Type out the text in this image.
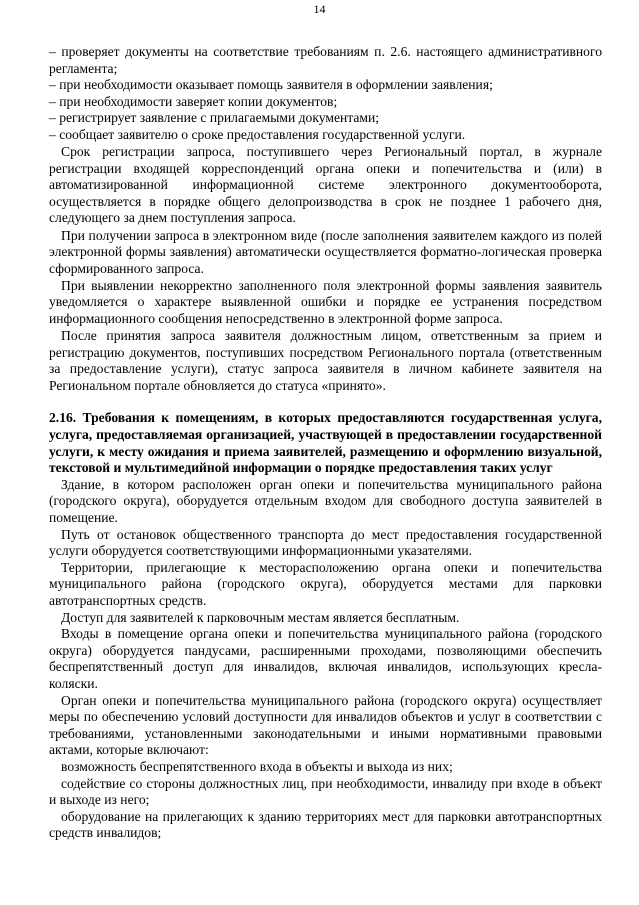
14

– проверяет документы на соответствие требованиям п. 2.6. настоящего административного регламента;

– при необходимости оказывает помощь заявителя в оформлении заявления;

– при необходимости заверяет копии документов;

– регистрирует заявление с прилагаемыми документами;

– сообщает заявителю о сроке предоставления государственной услуги.

Срок регистрации запроса, поступившего через Региональный портал, в журнале регистрации входящей корреспонденций органа опеки и попечительства и (или) в автоматизированной информационной системе электронного документооборота, осуществляется в порядке общего делопроизводства в срок не позднее 1 рабочего дня, следующего за днем поступления запроса.

При получении запроса в электронном виде (после заполнения заявителем каждого из полей электронной формы заявления) автоматически осуществляется форматно-логическая проверка сформированного запроса.

При выявлении некорректно заполненного поля электронной формы заявления заявитель уведомляется о характере выявленной ошибки и порядке ее устранения посредством информационного сообщения непосредственно в электронной форме запроса.

После принятия запроса заявителя должностным лицом, ответственным за прием и регистрацию документов, поступивших посредством Регионального портала (ответственным за предоставление услуги), статус запроса заявителя в личном кабинете заявителя на Региональном портале обновляется до статуса «принято».

2.16. Требования к помещениям, в которых предоставляются государственная услуга, услуга, предоставляемая организацией, участвующей в предоставлении государственной услуги, к месту ожидания и приема заявителей, размещению и оформлению визуальной, текстовой и мультимедийной информации о порядке предоставления таких услуг

Здание, в котором расположен орган опеки и попечительства муниципального района (городского округа), оборудуется отдельным входом для свободного доступа заявителей в помещение.

Путь от остановок общественного транспорта до мест предоставления государственной услуги оборудуется соответствующими информационными указателями.

Территории, прилегающие к месторасположению органа опеки и попечительства муниципального района (городского округа), оборудуется местами для парковки автотранспортных средств.

Доступ для заявителей к парковочным местам является бесплатным.

Входы в помещение органа опеки и попечительства муниципального района (городского округа) оборудуется пандусами, расширенными проходами, позволяющими обеспечить беспрепятственный доступ для инвалидов, включая инвалидов, использующих кресла-коляски.

Орган опеки и попечительства муниципального района (городского округа) осуществляет меры по обеспечению условий доступности для инвалидов объектов и услуг в соответствии с требованиями, установленными законодательными и иными нормативными правовыми актами, которые включают:

возможность беспрепятственного входа в объекты и выхода из них;

содействие со стороны должностных лиц, при необходимости, инвалиду при входе в объект и выходе из него;

оборудование на прилегающих к зданию территориях мест для парковки автотранспортных средств инвалидов;
